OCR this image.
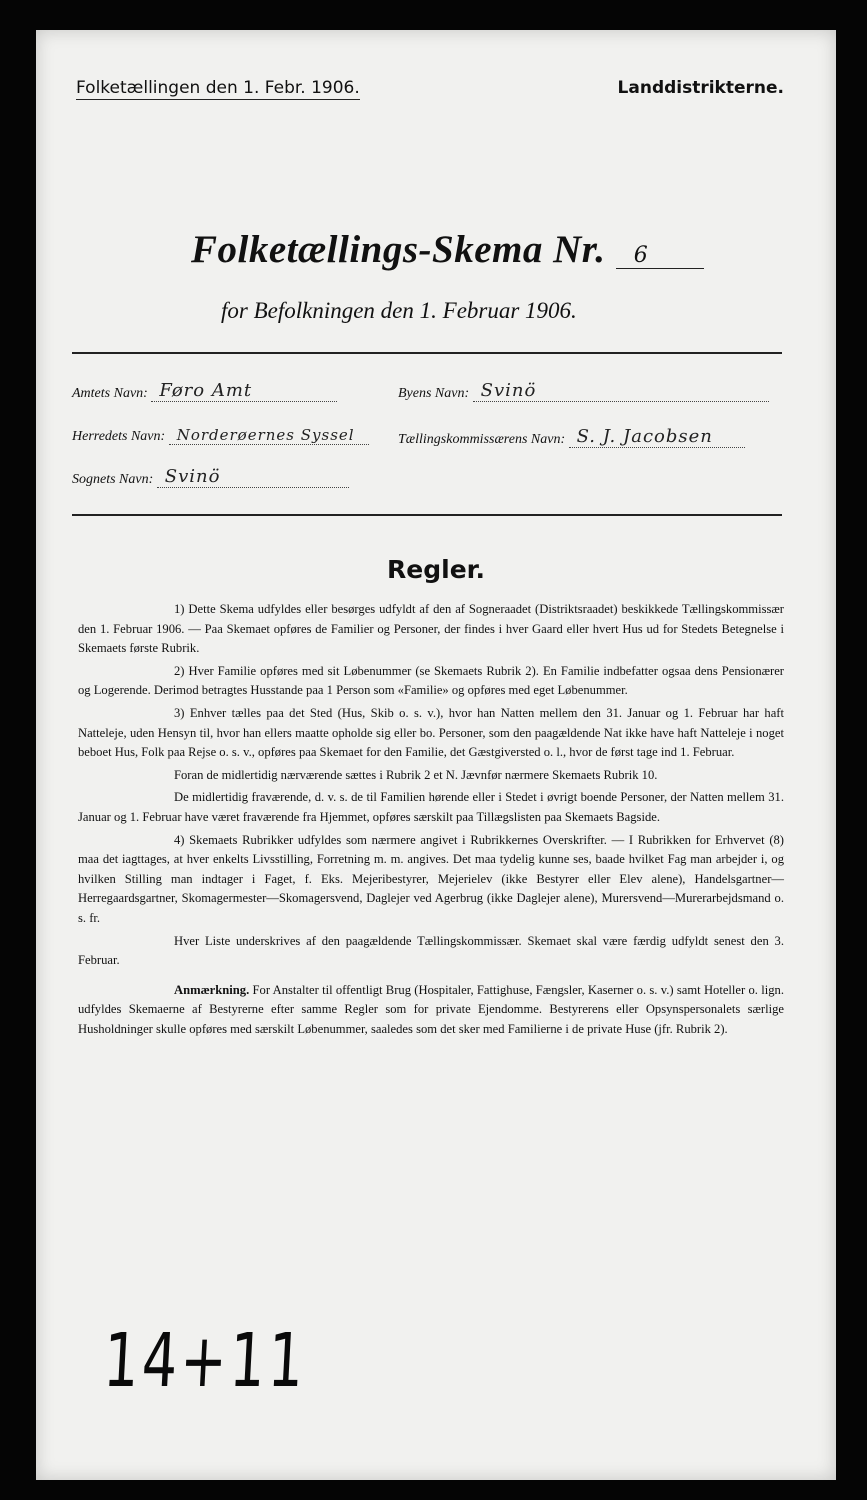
Folketællingen den 1. Febr. 1906.	Landdistrikterne.
Folketællings-Skema Nr. 6
for Befolkningen den 1. Februar 1906.
Amtets Navn: Føro Amt	Byens Navn: Svinö
Herredets Navn: Norderøernes Syssel	Tællingskommissærens Navn: S. J. Jacobsen
Sognets Navn: Svinö
Regler.

1) Dette Skema udfyldes eller besørges udfyldt af den af Sogneraadet (Distriktsraadet) beskikkede Tællingskommissær den 1. Februar 1906. — Paa Skemaet opføres de Familier og Personer, der findes i hver Gaard eller hvert Hus ud for Stedets Betegnelse i Skemaets første Rubrik.

2) Hver Familie opføres med sit Løbenummer (se Skemaets Rubrik 2). En Familie indbefatter ogsaa dens Pensionærer og Logerende. Derimod betragtes Husstande paa 1 Person som «Familie» og opføres med eget Løbenummer.

3) Enhver tælles paa det Sted (Hus, Skib o. s. v.), hvor han Natten mellem den 31. Januar og 1. Februar har haft Natteleje, uden Hensyn til, hvor han ellers maatte opholde sig eller bo. Personer, som den paagældende Nat ikke have haft Natteleje i noget beboet Hus, Folk paa Rejse o. s. v., opføres paa Skemaet for den Familie, det Gæstgiversted o. l., hvor de først tage ind 1. Februar.

Foran de midlertidig nærværende sættes i Rubrik 2 et N. Jævnfør nærmere Skemaets Rubrik 10.

De midlertidig fraværende, d. v. s. de til Familien hørende eller i Stedet i øvrigt boende Personer, der Natten mellem 31. Januar og 1. Februar have været fraværende fra Hjemmet, opføres særskilt paa Tillægslisten paa Skemaets Bagside.

4) Skemaets Rubrikker udfyldes som nærmere angivet i Rubrikkernes Overskrifter. — I Rubrikken for Erhvervet (8) maa det iagttages, at hver enkelts Livsstilling, Forretning m. m. angives. Det maa tydelig kunne ses, baade hvilket Fag man arbejder i, og hvilken Stilling man indtager i Faget, f. Eks. Mejeribestyrer, Mejerielev (ikke Bestyrer eller Elev alene), Handelsgartner—Herregaardsgartner, Skomagermester—Skomagersvend, Daglejer ved Agerbrug (ikke Daglejer alene), Murersvend—Murerarbejdsmand o. s. fr.

Hver Liste underskrives af den paagældende Tællingskommissær. Skemaet skal være færdig udfyldt senest den 3. Februar.

Anmærkning. For Anstalter til offentligt Brug (Hospitaler, Fattighuse, Fængsler, Kaserner o. s. v.) samt Hoteller o. lign. udfyldes Skemaerne af Bestyrerne efter samme Regler som for private Ejendomme. Bestyrerens eller Opsynspersonalets særlige Husholdninger skulle opføres med særskilt Løbenummer, saaledes som det sker med Familierne i de private Huse (jfr. Rubrik 2).

14+11
